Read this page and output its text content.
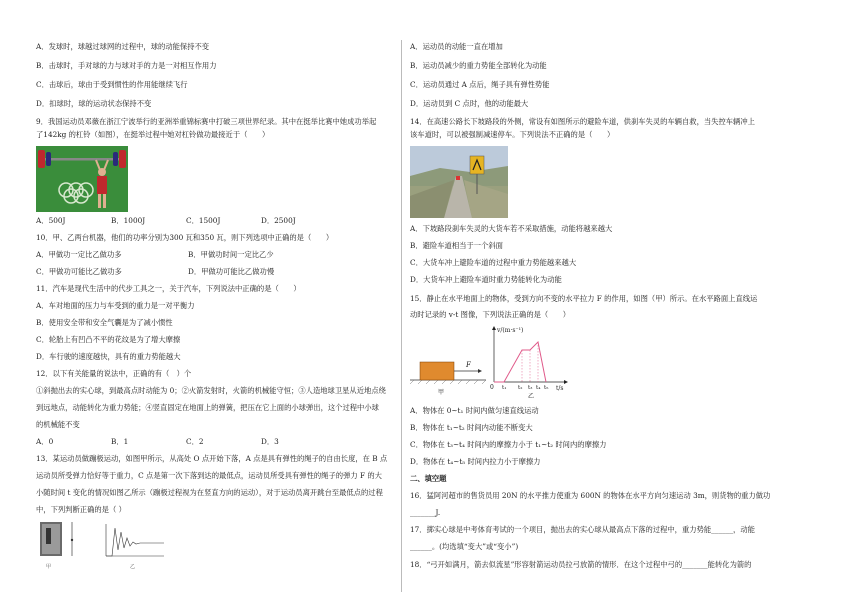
A．发球时，球越过球网的过程中，球的动能保持不变
B．击球时，手对球的力与球对手的力是一对相互作用力
C．击球后，球由于受到惯性的作用能继续飞行
D．扣球时，球的运动状态保持不变
9．我国运动员邓薇在浙江宁波举行的亚洲举重锦标赛中打破三项世界纪录。其中在挺举比赛中她成功举起
了142kg 的杠铃（如图），在挺举过程中她对杠铃做功最接近于（　　）
A．500J	B．1000J	C．1500J	D．2500J
10．甲、乙两台机器，他们的功率分别为300 瓦和350 瓦，则下列选项中正确的是（　　）
A．甲做功一定比乙做功多	B．甲做功时间一定比乙少
C．甲做功可能比乙做功多	D．甲做功可能比乙做功慢
11．汽车是现代生活中的代步工具之一，关于汽车，下列说法中正确的是（　　）
A．车对地面的压力与车受到的重力是一对平衡力
B．使用安全带和安全气囊是为了减小惯性
C．轮胎上有凹凸不平的花纹是为了增大摩擦
D．车行驶的速度越快，具有的重力势能越大
12．以下有关能量的说法中，正确的有（　）个
①斜抛出去的实心球，到最高点时动能为 0；②火箭发射时，火箭的机械能守恒；③人造地球卫星从近地点绕
到远地点，动能转化为重力势能；④竖直固定在地面上的弹簧，把压在它上面的小球弹出，这个过程中小球
的机械能不变
A．0	B．1	C．2	D．3
13．某运动员做蹦极运动，如图甲所示，从高处 O 点开始下落，A 点是具有弹性的绳子的自由长度，在 B 点
运动员所受弹力恰好等于重力，C 点是第一次下落到达的最低点，运动员所受具有弹性的绳子的弹力 F 的大
小随时间 t 变化的情况如图乙所示（蹦极过程视为在竖直方向的运动），对于运动员离开跳台至最低点的过程
中，下列判断正确的是（ ）
甲	乙
A．运动员的动能一直在增加
B．运动员减少的重力势能全部转化为动能
C．运动员通过 A 点后，绳子具有弹性势能
D．运动员到 C 点时，他的动能最大
14．在高速公路长下坡路段的外侧，常设有如图所示的避险车道，供刹车失灵的车辆自救，当失控车辆冲上
该车道时，可以被强制减速停车。下列说法不正确的是（　　）
A．下坡路段刹车失灵的大货车若不采取措施，动能将越来越大
B．避险车道相当于一个斜面
C．大货车冲上避险车道的过程中重力势能越来越大
D．大货车冲上避险车道时重力势能转化为动能
15．静止在水平地面上的物体，受到方向不变的水平拉力 F 的作用，如图（甲）所示。在水平路面上直线运
动时记录的 v-t 图像，下列说法正确的是（　　）
F
甲
v/(m·s⁻¹)
t/s
0 t₁ t₂ t₃ t₄ t₅
乙
A．物体在 0~t₁ 时间内做匀速直线运动
B．物体在 t₁~t₂ 时间内动能不断变大
C．物体在 t₃~t₄ 时间内的摩擦力小于 t₁~t₂ 时间内的摩擦力
D．物体在 t₄~t₅ 时间内拉力小于摩擦力
二、填空题
16．猛阿河超市的售货员用 20N 的水平推力使重为 600N 的物体在水平方向匀速运动 3m，则货物的重力做功
_______J.
17．掷实心球是中考体育考试的一个项目，抛出去的实心球从最高点下落的过程中，重力势能______，动能
______。(均选填“变大”或“变小”)
18．“弓开如满月，箭去似流星”形容射箭运动员拉弓放箭的情形．在这个过程中弓的_______能转化为箭的
